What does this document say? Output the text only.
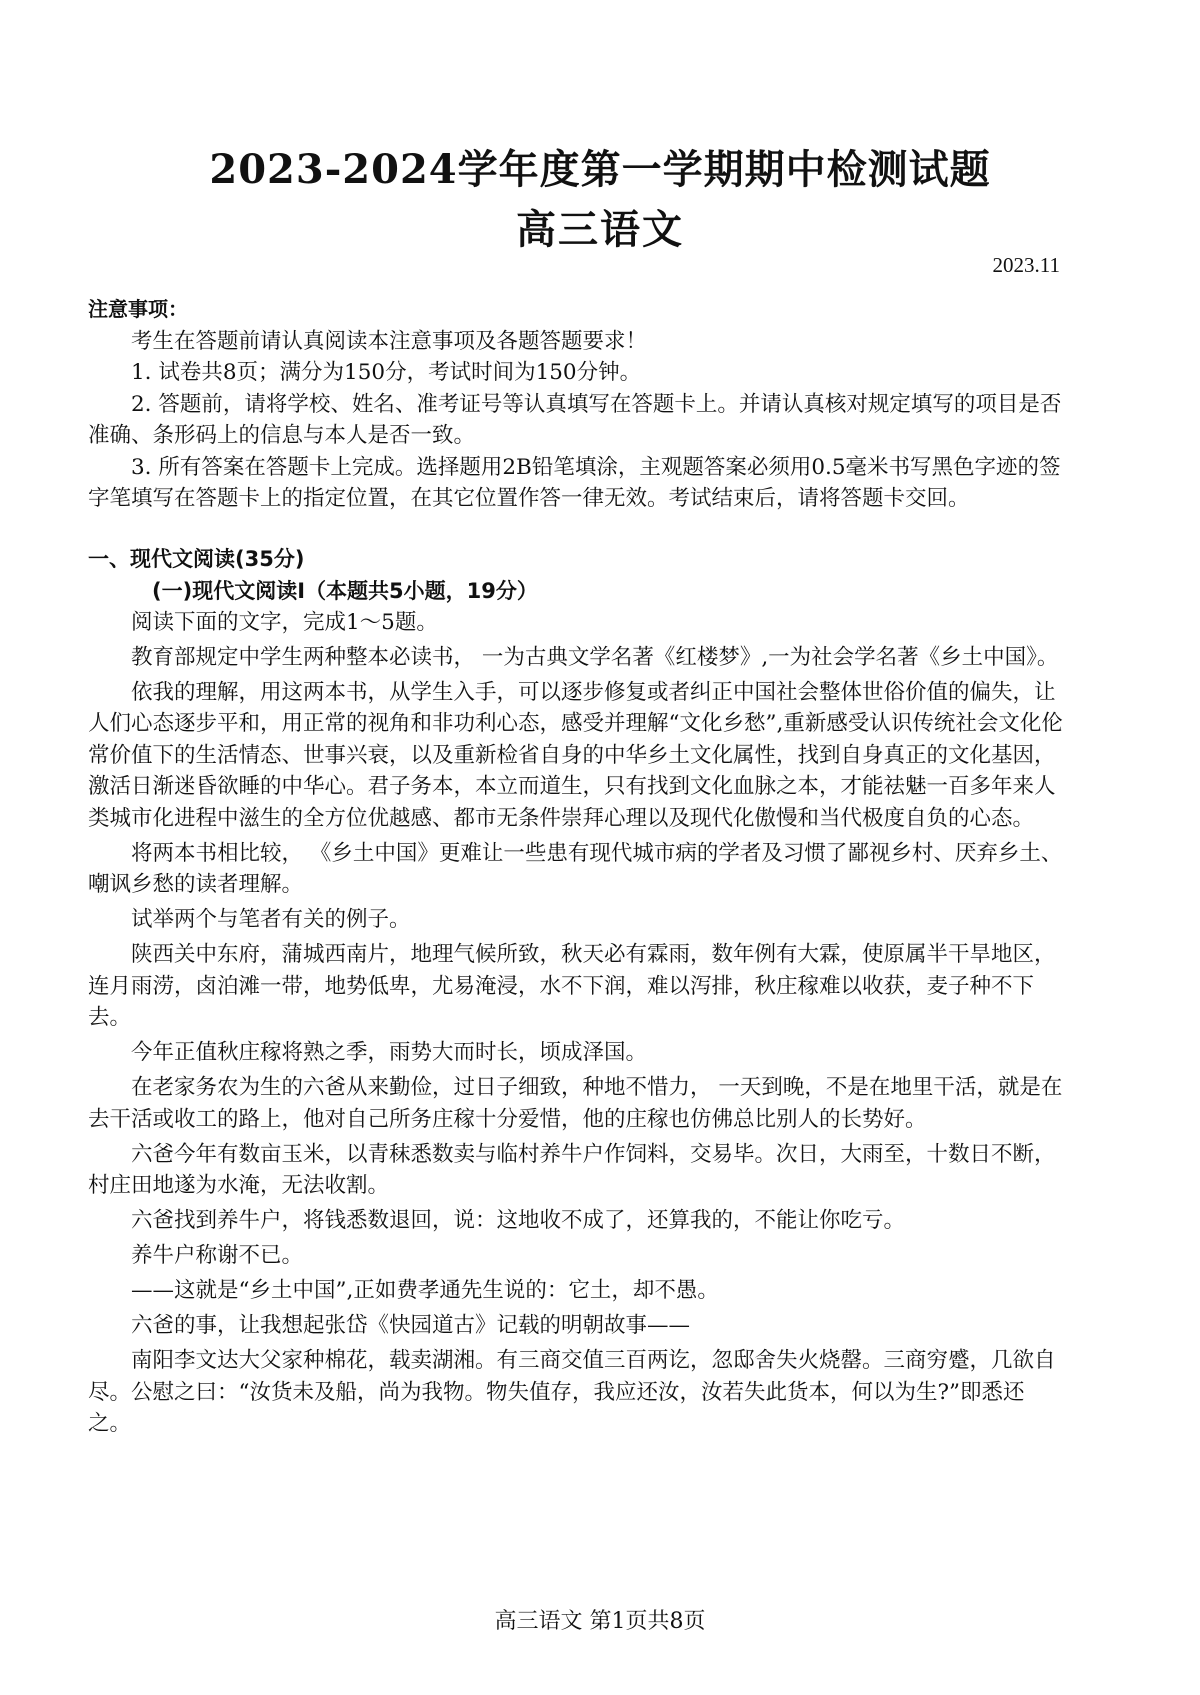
2023-2024学年度第一学期期中检测试题
高三语文
2023.11

注意事项：

考生在答题前请认真阅读本注意事项及各题答题要求！

1. 试卷共8页；满分为150分，考试时间为150分钟。

2. 答题前，请将学校、姓名、准考证号等认真填写在答题卡上。并请认真核对规定填写的项目是否准确、条形码上的信息与本人是否一致。

3. 所有答案在答题卡上完成。选择题用2B铅笔填涂，主观题答案必须用0.5毫米书写黑色字迹的签字笔填写在答题卡上的指定位置，在其它位置作答一律无效。考试结束后，请将答题卡交回。

一、现代文阅读(35分)

(一)现代文阅读I（本题共5小题，19分）

阅读下面的文字，完成1～5题。

教育部规定中学生两种整本必读书， 一为古典文学名著《红楼梦》,一为社会学名著《乡土中国》。

依我的理解，用这两本书，从学生入手，可以逐步修复或者纠正中国社会整体世俗价值的偏失，让人们心态逐步平和，用正常的视角和非功利心态，感受并理解“文化乡愁”,重新感受认识传统社会文化伦常价值下的生活情态、世事兴衰，以及重新检省自身的中华乡土文化属性，找到自身真正的文化基因，激活日渐迷昏欲睡的中华心。君子务本，本立而道生，只有找到文化血脉之本，才能祛魅一百多年来人类城市化进程中滋生的全方位优越感、都市无条件崇拜心理以及现代化傲慢和当代极度自负的心态。

将两本书相比较， 《乡土中国》更难让一些患有现代城市病的学者及习惯了鄙视乡村、厌弃乡土、嘲讽乡愁的读者理解。

试举两个与笔者有关的例子。

陕西关中东府，蒲城西南片，地理气候所致，秋天必有霖雨，数年例有大霖，使原属半干旱地区，连月雨涝，卤泊滩一带，地势低卑，尤易淹浸，水不下润，难以泻排，秋庄稼难以收获，麦子种不下去。

今年正值秋庄稼将熟之季，雨势大而时长，顷成泽国。

在老家务农为生的六爸从来勤俭，过日子细致，种地不惜力， 一天到晚，不是在地里干活，就是在去干活或收工的路上，他对自己所务庄稼十分爱惜，他的庄稼也仿佛总比别人的长势好。

六爸今年有数亩玉米，以青秣悉数卖与临村养牛户作饲料，交易毕。次日，大雨至，十数日不断，村庄田地遂为水淹，无法收割。

六爸找到养牛户，将钱悉数退回，说：这地收不成了，还算我的，不能让你吃亏。

养牛户称谢不已。

——这就是“乡土中国”,正如费孝通先生说的：它土，却不愚。

六爸的事，让我想起张岱《快园道古》记载的明朝故事——

南阳李文达大父家种棉花，载卖湖湘。有三商交值三百两讫，忽邸舍失火烧罄。三商穷蹙，几欲自尽。公慰之曰：“汝货未及船，尚为我物。物失值存，我应还汝，汝若失此货本，何以为生?”即悉还之。

高三语文 第1页共8页
